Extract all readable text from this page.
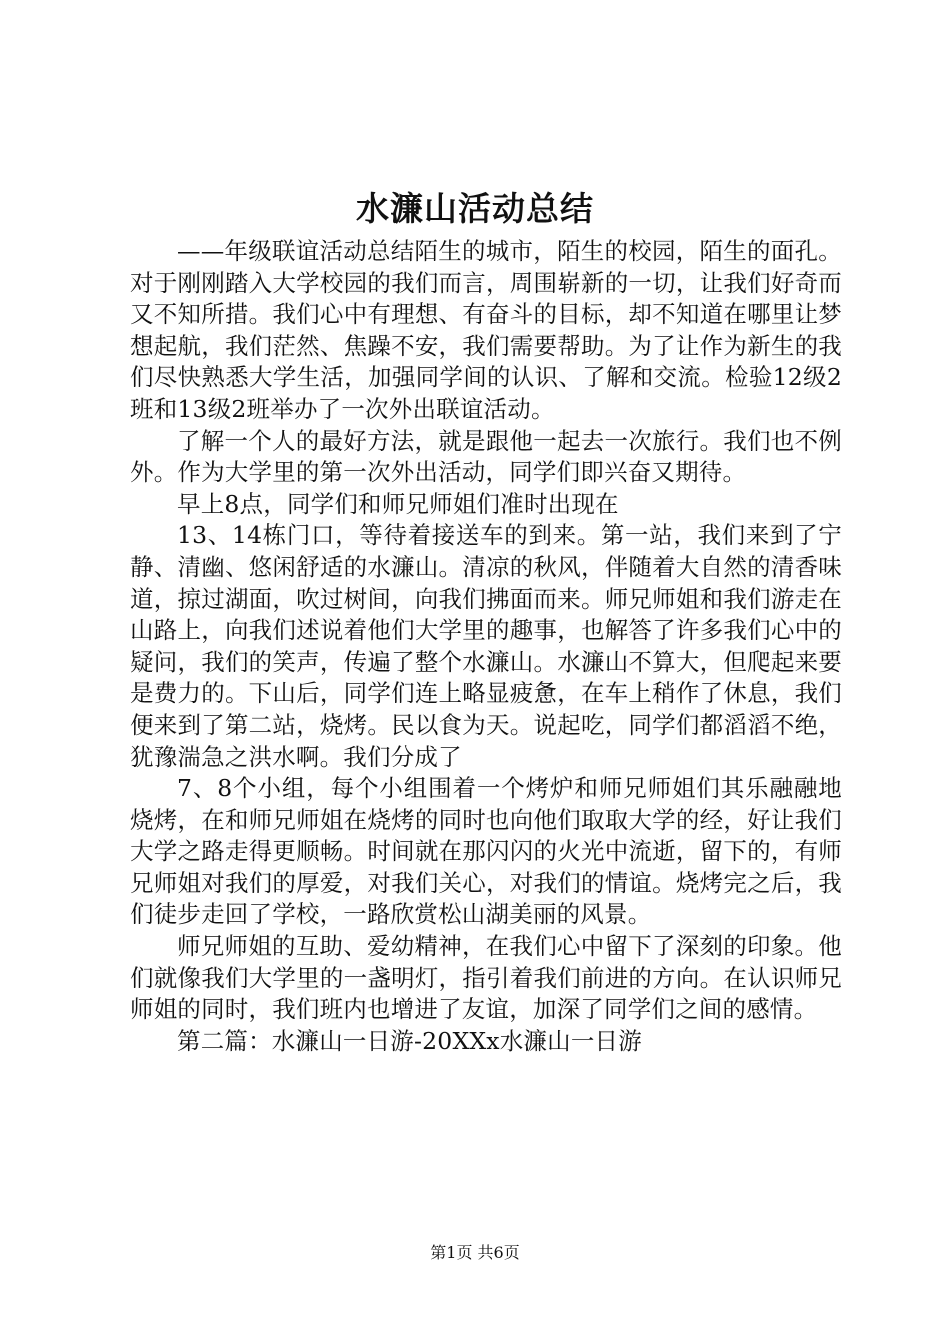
水濂山活动总结

——年级联谊活动总结陌生的城市，陌生的校园，陌生的面孔。对于刚刚踏入大学校园的我们而言，周围崭新的一切，让我们好奇而又不知所措。我们心中有理想、有奋斗的目标，却不知道在哪里让梦想起航，我们茫然、焦躁不安，我们需要帮助。为了让作为新生的我们尽快熟悉大学生活，加强同学间的认识、了解和交流。检验12级2班和13级2班举办了一次外出联谊活动。

了解一个人的最好方法，就是跟他一起去一次旅行。我们也不例外。作为大学里的第一次外出活动，同学们即兴奋又期待。

早上8点，同学们和师兄师姐们准时出现在

13、14栋门口，等待着接送车的到来。第一站，我们来到了宁静、清幽、悠闲舒适的水濂山。清凉的秋风，伴随着大自然的清香味道，掠过湖面，吹过树间，向我们拂面而来。师兄师姐和我们游走在山路上，向我们述说着他们大学里的趣事，也解答了许多我们心中的疑问，我们的笑声，传遍了整个水濂山。水濂山不算大，但爬起来要是费力的。下山后，同学们连上略显疲惫，在车上稍作了休息，我们便来到了第二站，烧烤。民以食为天。说起吃，同学们都滔滔不绝，犹豫湍急之洪水啊。我们分成了

7、8个小组，每个小组围着一个烤炉和师兄师姐们其乐融融地烧烤，在和师兄师姐在烧烤的同时也向他们取取大学的经，好让我们大学之路走得更顺畅。时间就在那闪闪的火光中流逝，留下的，有师兄师姐对我们的厚爱，对我们关心，对我们的情谊。烧烤完之后，我们徒步走回了学校，一路欣赏松山湖美丽的风景。

师兄师姐的互助、爱幼精神，在我们心中留下了深刻的印象。他们就像我们大学里的一盏明灯，指引着我们前进的方向。在认识师兄师姐的同时，我们班内也增进了友谊，加深了同学们之间的感情。

第二篇：水濂山一日游-20XXx水濂山一日游

第1页 共6页
